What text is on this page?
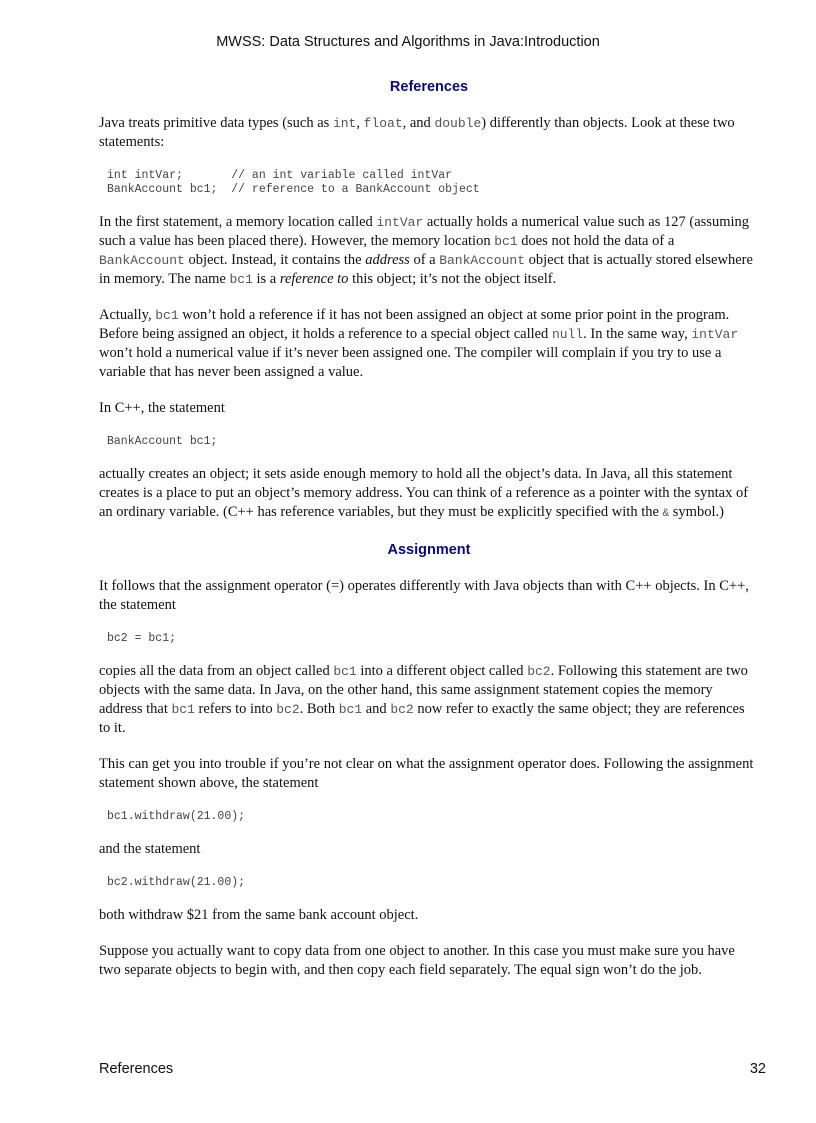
MWSS: Data Structures and Algorithms in Java:Introduction
References

Java treats primitive data types (such as int, float, and double) differently than objects. Look at these two statements:

int intVar;       // an int variable called intVar
BankAccount bc1;  // reference to a BankAccount object

In the first statement, a memory location called intVar actually holds a numerical value such as 127 (assuming such a value has been placed there). However, the memory location bc1 does not hold the data of a BankAccount object. Instead, it contains the address of a BankAccount object that is actually stored elsewhere in memory. The name bc1 is a reference to this object; it’s not the object itself.

Actually, bc1 won’t hold a reference if it has not been assigned an object at some prior point in the program. Before being assigned an object, it holds a reference to a special object called null. In the same way, intVar won’t hold a numerical value if it’s never been assigned one. The compiler will complain if you try to use a variable that has never been assigned a value.

In C++, the statement

BankAccount bc1;

actually creates an object; it sets aside enough memory to hold all the object’s data. In Java, all this statement creates is a place to put an object’s memory address. You can think of a reference as a pointer with the syntax of an ordinary variable. (C++ has reference variables, but they must be explicitly specified with the & symbol.)

Assignment

It follows that the assignment operator (=) operates differently with Java objects than with C++ objects. In C++, the statement

bc2 = bc1;

copies all the data from an object called bc1 into a different object called bc2. Following this statement are two objects with the same data. In Java, on the other hand, this same assignment statement copies the memory address that bc1 refers to into bc2. Both bc1 and bc2 now refer to exactly the same object; they are references to it.

This can get you into trouble if you’re not clear on what the assignment operator does. Following the assignment statement shown above, the statement

bc1.withdraw(21.00);

and the statement

bc2.withdraw(21.00);

both withdraw $21 from the same bank account object.

Suppose you actually want to copy data from one object to another. In this case you must make sure you have two separate objects to begin with, and then copy each field separately. The equal sign won’t do the job.

References	32
